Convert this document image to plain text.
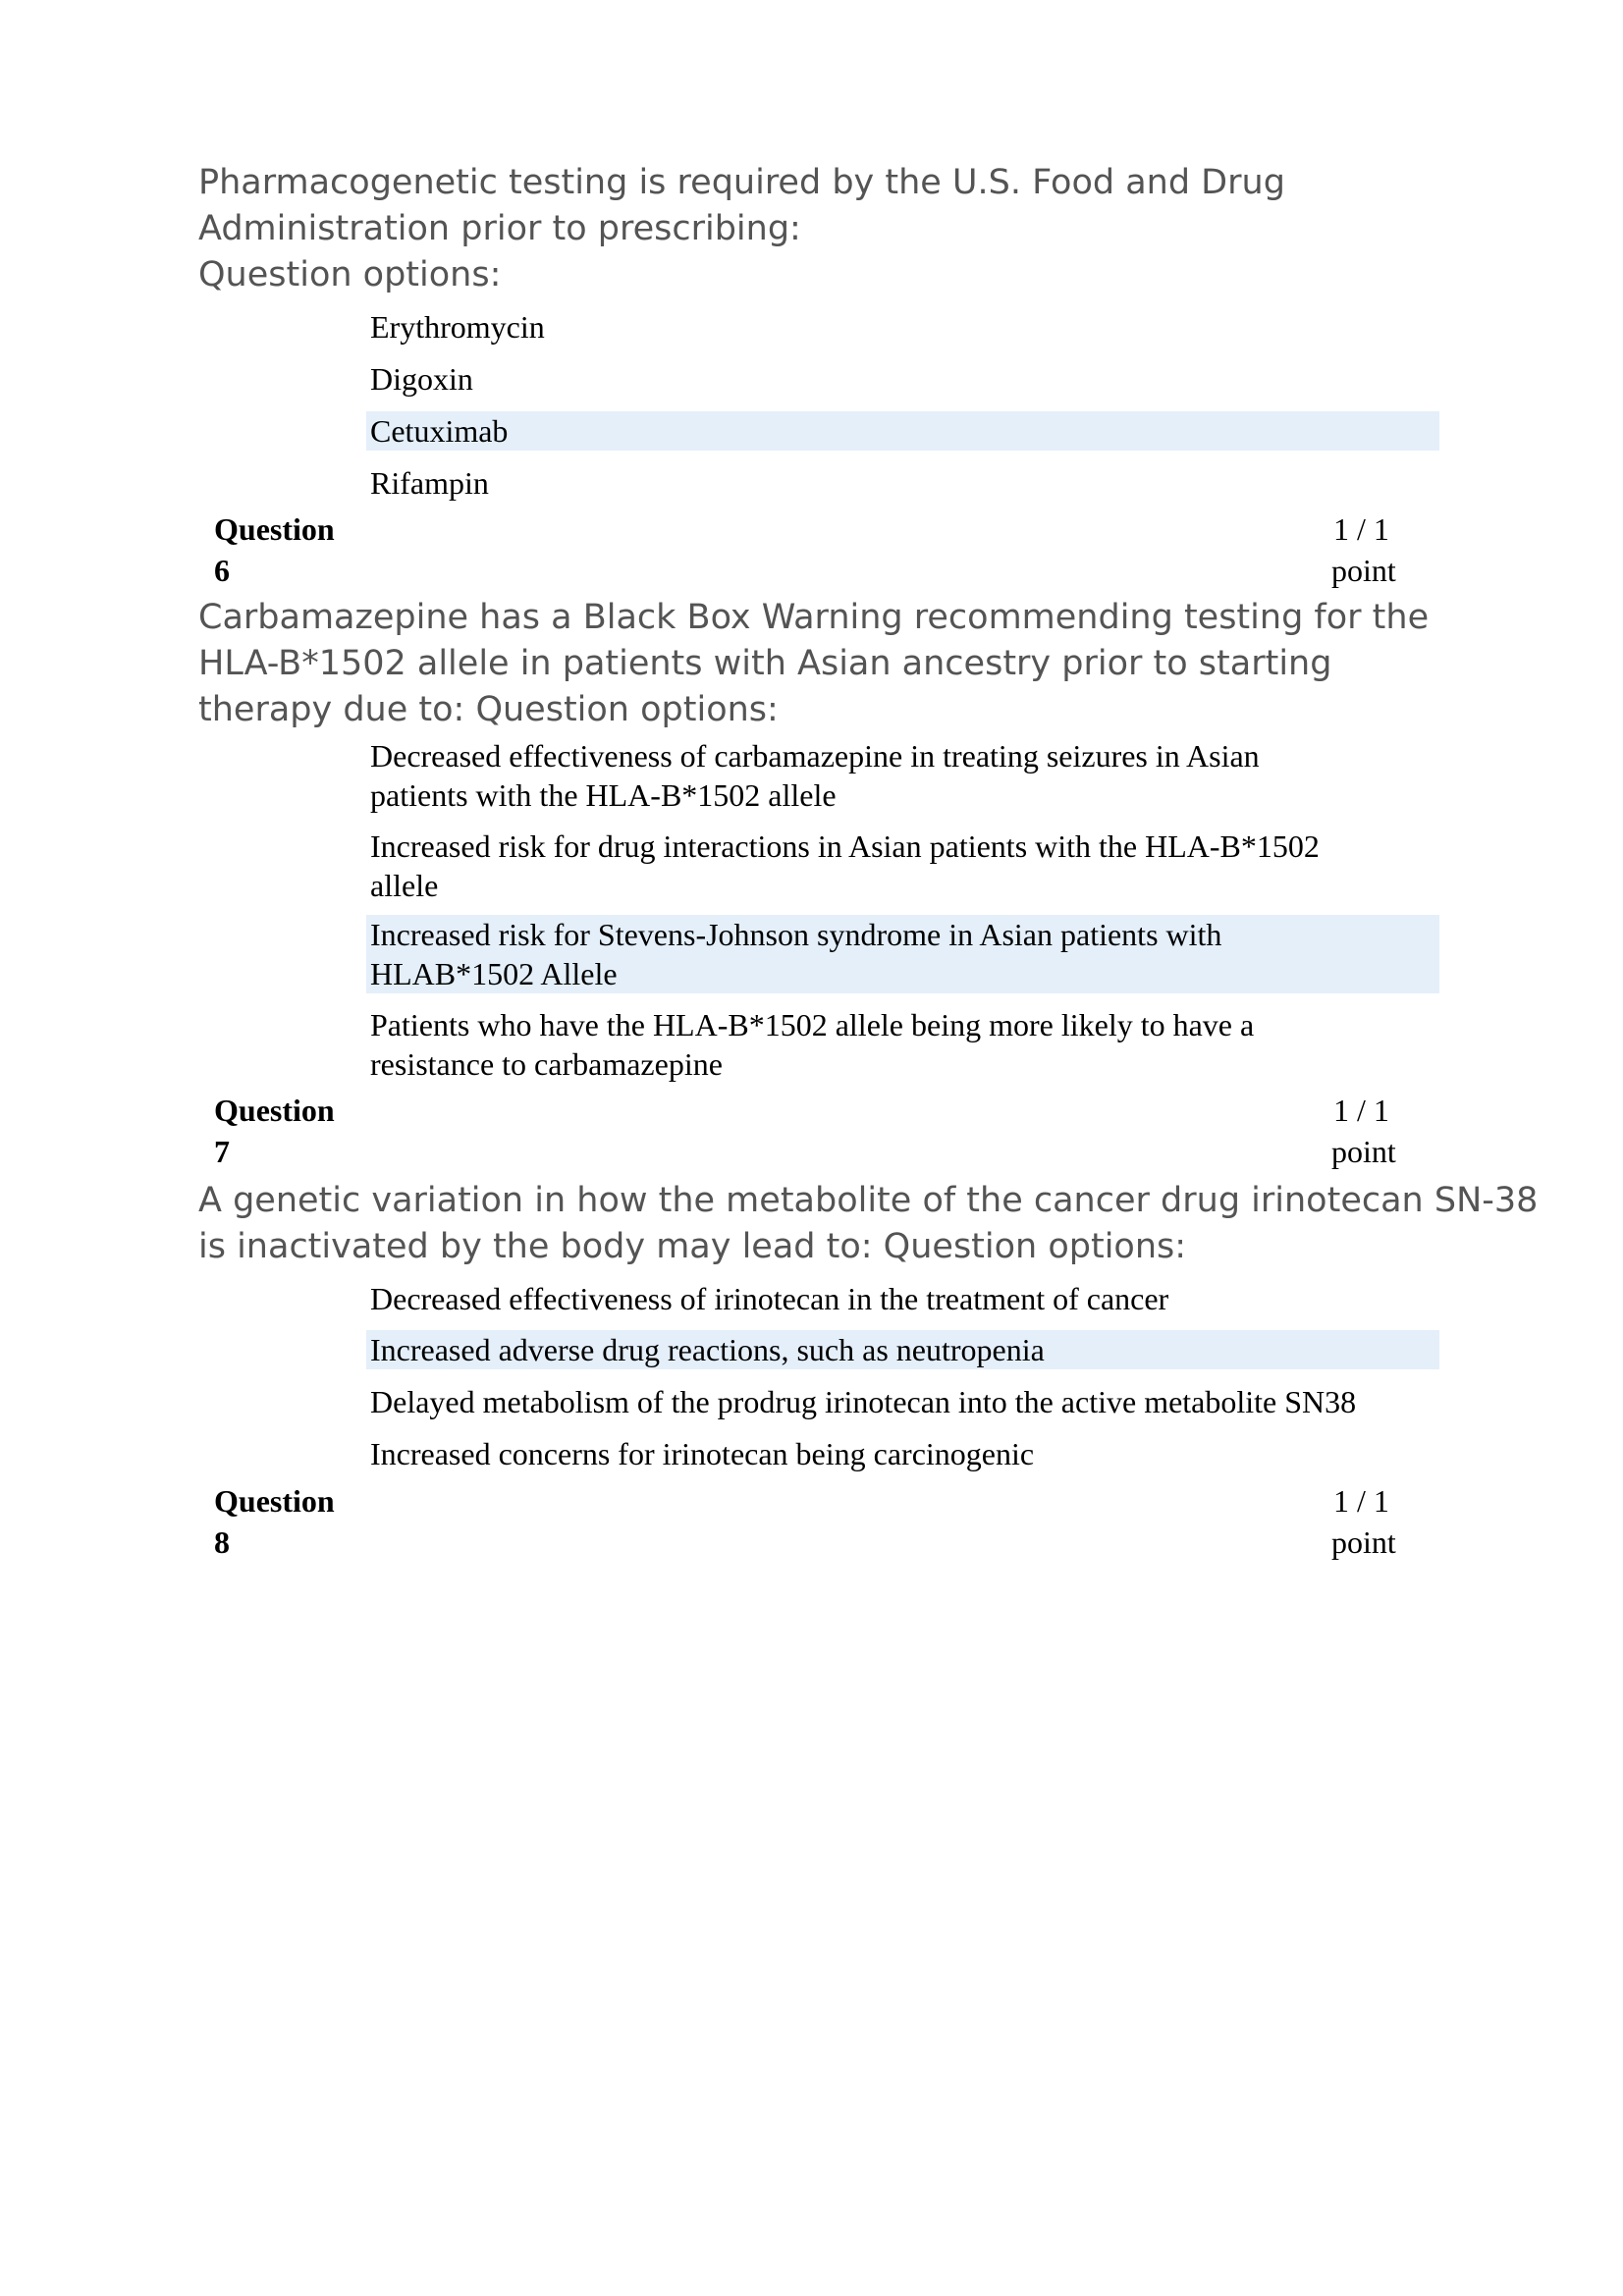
Pharmacogenetic testing is required by the U.S. Food and Drug
Administration prior to prescribing:
Question options:
Erythromycin
Digoxin
Cetuximab
Rifampin
Question
6
1 / 1
point
Carbamazepine has a Black Box Warning recommending testing for the
HLA-B*1502 allele in patients with Asian ancestry prior to starting
therapy due to: Question options:
Decreased effectiveness of carbamazepine in treating seizures in Asian
patients with the HLA-B*1502 allele
Increased risk for drug interactions in Asian patients with the HLA-B*1502
allele
Increased risk for Stevens-Johnson syndrome in Asian patients with
HLAB*1502 Allele
Patients who have the HLA-B*1502 allele being more likely to have a
resistance to carbamazepine
Question
7
1 / 1
point
A genetic variation in how the metabolite of the cancer drug irinotecan SN-38
is inactivated by the body may lead to: Question options:
Decreased effectiveness of irinotecan in the treatment of cancer
Increased adverse drug reactions, such as neutropenia
Delayed metabolism of the prodrug irinotecan into the active metabolite SN38
Increased concerns for irinotecan being carcinogenic
Question
8
1 / 1
point
